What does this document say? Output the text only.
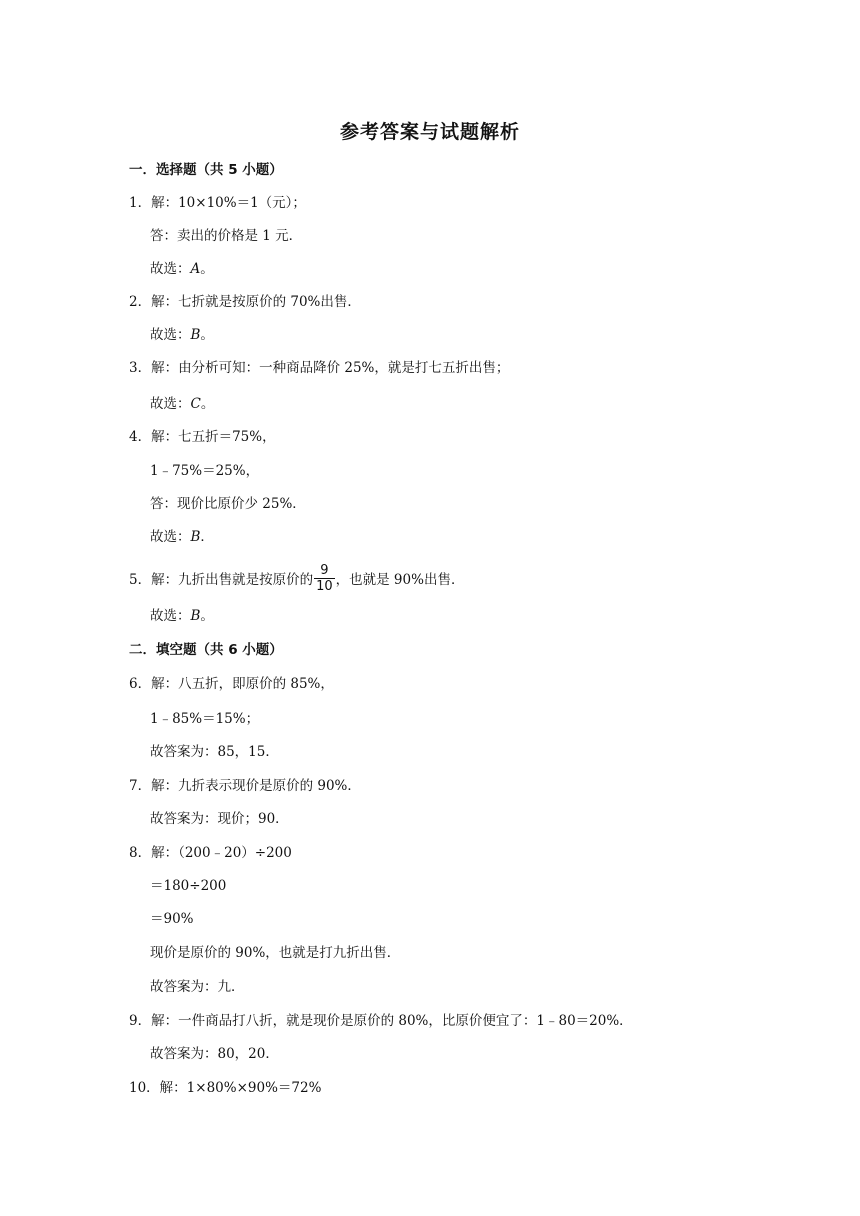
参考答案与试题解析
一．选择题（共 5 小题）
1．解：10×10%＝1（元）；
答：卖出的价格是 1 元．
故选：A。
2．解：七折就是按原价的 70%出售．
故选：B。
3．解：由分析可知：一种商品降价 25%，就是打七五折出售；
故选：C。
4．解：七五折＝75%，
1﹣75%＝25%，
答：现价比原价少 25%．
故选：B．
5．解：九折出售就是按原价的 $\frac{9}{10}$ ，也就是 90%出售．
故选：B。
二．填空题（共 6 小题）
6．解：八五折，即原价的 85%，
1﹣85%＝15%；
故答案为：85，15．
7．解：九折表示现价是原价的 90%．
故答案为：现价；90．
8．解：（200﹣20）÷200
＝180÷200
＝90%
现价是原价的 90%，也就是打九折出售．
故答案为：九．
9．解：一件商品打八折，就是现价是原价的 80%，比原价便宜了：1﹣80＝20%．
故答案为：80，20．
10．解：1×80%×90%＝72%
